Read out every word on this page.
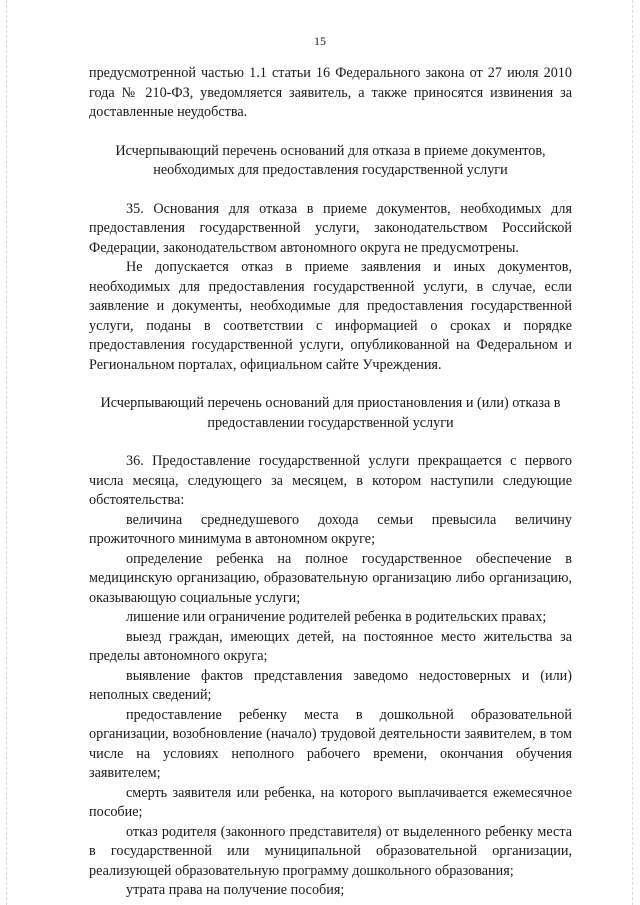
15

предусмотренной частью 1.1 статьи 16 Федерального закона от 27 июля 2010 года № 210-ФЗ, уведомляется заявитель, а также приносятся извинения за доставленные неудобства.

Исчерпывающий перечень оснований для отказа в приеме документов, необходимых для предоставления государственной услуги

35. Основания для отказа в приеме документов, необходимых для предоставления государственной услуги, законодательством Российской Федерации, законодательством автономного округа не предусмотрены.

Не допускается отказ в приеме заявления и иных документов, необходимых для предоставления государственной услуги, в случае, если заявление и документы, необходимые для предоставления государственной услуги, поданы в соответствии с информацией о сроках и порядке предоставления государственной услуги, опубликованной на Федеральном и Региональном порталах, официальном сайте Учреждения.

Исчерпывающий перечень оснований для приостановления и (или) отказа в предоставлении государственной услуги

36. Предоставление государственной услуги прекращается с первого числа месяца, следующего за месяцем, в котором наступили следующие обстоятельства:

величина среднедушевого дохода семьи превысила величину прожиточного минимума в автономном округе;

определение ребенка на полное государственное обеспечение в медицинскую организацию, образовательную организацию либо организацию, оказывающую социальные услуги;

лишение или ограничение родителей ребенка в родительских правах;

выезд граждан, имеющих детей, на постоянное место жительства за пределы автономного округа;

выявление фактов представления заведомо недостоверных и (или) неполных сведений;

предоставление ребенку места в дошкольной образовательной организации, возобновление (начало) трудовой деятельности заявителем, в том числе на условиях неполного рабочего времени, окончания обучения заявителем;

смерть заявителя или ребенка, на которого выплачивается ежемесячное пособие;

отказ родителя (законного представителя) от выделенного ребенку места в государственной или муниципальной образовательной организации, реализующей образовательную программу дошкольного образования;

утрата права на получение пособия;
